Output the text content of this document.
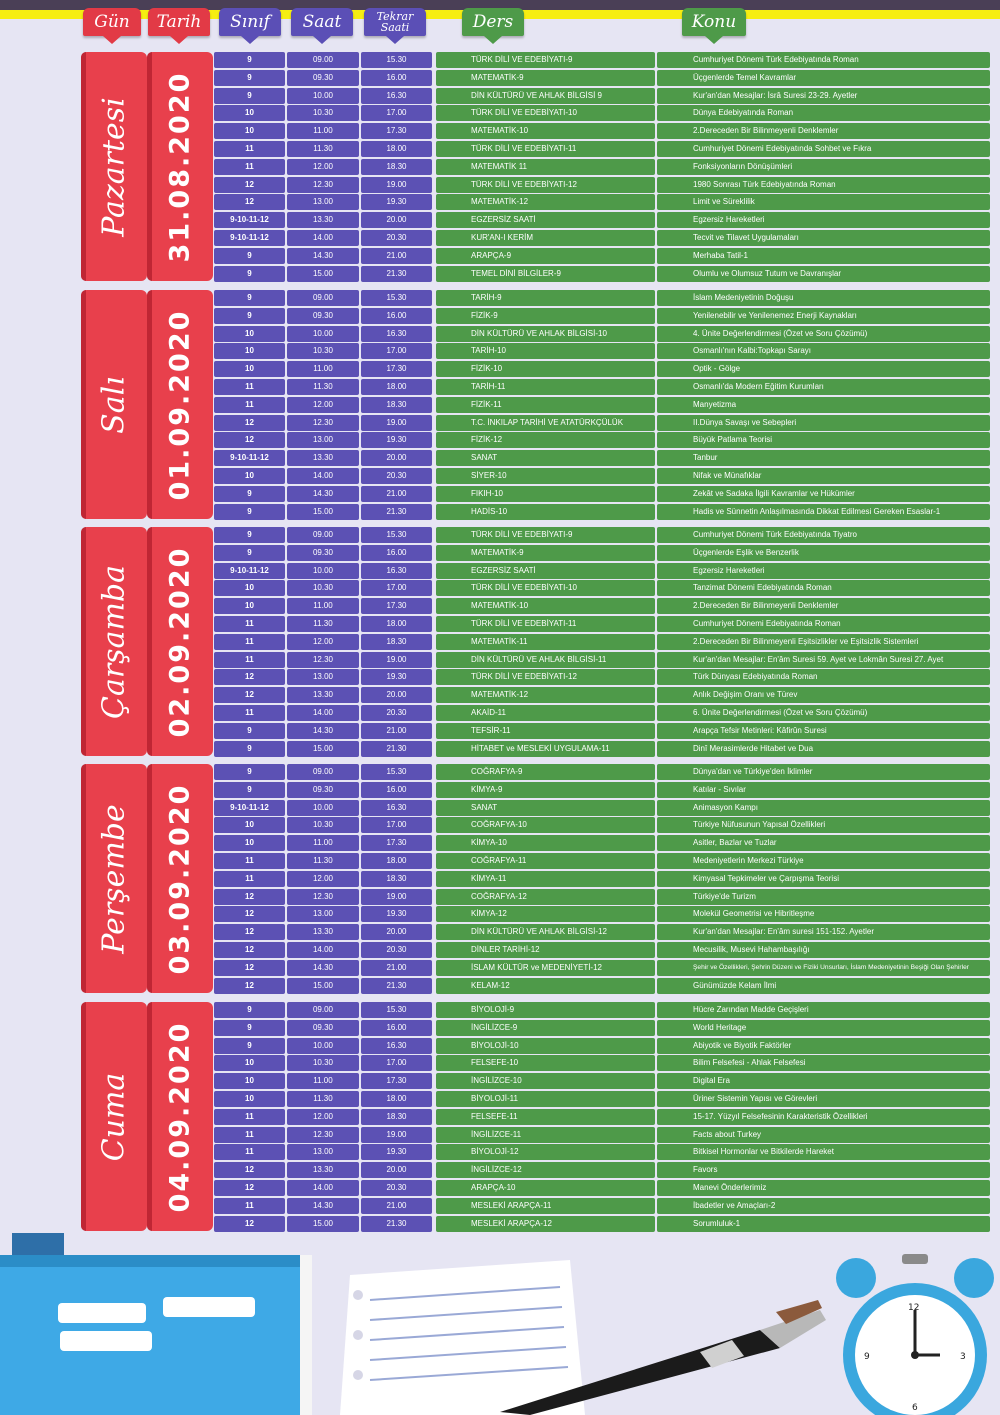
Gün Tarih Sınıf Saat	Tekrar
Saati	Ders	Konu
Pazartesi 31.08.2020
9	09.00	15.30	TÜRK DİLİ VE EDEBİYATI-9	Cumhuriyet Dönemi Türk Edebiyatında Roman
9	09.30	16.00	MATEMATİK-9	Üçgenlerde Temel Kavramlar
9	10.00	16.30	DİN KÜLTÜRÜ VE AHLAK BİLGİSİ 9	Kur'an'dan Mesajlar: İsrâ Suresi 23-29. Ayetler
10	10.30	17.00	TÜRK DİLİ VE EDEBİYATI-10	Dünya Edebiyatında Roman
10	11.00	17.30	MATEMATİK-10	2.Dereceden Bir Bilinmeyenli Denklemler
11	11.30	18.00	TÜRK DİLİ VE EDEBİYATI-11	Cumhuriyet Dönemi Edebiyatında Sohbet ve Fıkra
11	12.00	18.30	MATEMATİK 11	Fonksiyonların Dönüşümleri
12	12.30	19.00	TÜRK DİLİ VE EDEBİYATI-12	1980 Sonrası Türk Edebiyatında Roman
12	13.00	19.30	MATEMATİK-12	Limit ve Süreklilik
9-10-11-12	13.30	20.00	EGZERSİZ SAATİ	Egzersiz Hareketleri
9-10-11-12	14.00	20.30	KUR'AN-I KERİM	Tecvit ve Tilavet Uygulamaları
9	14.30	21.00	ARAPÇA-9	Merhaba Tatil-1
9	15.00	21.30	TEMEL DİNİ BİLGİLER-9	Olumlu ve Olumsuz Tutum ve Davranışlar
Salı 01.09.2020
9	09.00	15.30	TARİH-9	İslam Medeniyetinin Doğuşu
9	09.30	16.00	FİZİK-9	Yenilenebilir ve Yenilenemez Enerji Kaynakları
10	10.00	16.30	DİN KÜLTÜRÜ VE AHLAK BİLGİSİ-10	4. Ünite Değerlendirmesi (Özet ve Soru Çözümü)
10	10.30	17.00	TARİH-10	Osmanlı'nın Kalbi:Topkapı Sarayı
10	11.00	17.30	FİZİK-10	Optik - Gölge
11	11.30	18.00	TARİH-11	Osmanlı'da Modern Eğitim Kurumları
11	12.00	18.30	FİZİK-11	Manyetizma
12	12.30	19.00	T.C. İNKILAP TARİHİ VE ATATÜRKÇÜLÜK	II.Dünya Savaşı ve Sebepleri
12	13.00	19.30	FİZİK-12	Büyük Patlama Teorisi
9-10-11-12	13.30	20.00	SANAT	Tanbur
10	14.00	20.30	SİYER-10	Nifak ve Münafıklar
9	14.30	21.00	FIKIH-10	Zekât ve Sadaka İlgili Kavramlar ve Hükümler
9	15.00	21.30	HADİS-10	Hadis ve Sünnetin Anlaşılmasında Dikkat Edilmesi Gereken Esaslar-1
Çarşamba 02.09.2020
9	09.00	15.30	TÜRK DİLİ VE EDEBİYATI-9	Cumhuriyet Dönemi Türk Edebiyatında Tiyatro
9	09.30	16.00	MATEMATİK-9	Üçgenlerde Eşlik ve Benzerlik
9-10-11-12	10.00	16.30	EGZERSİZ SAATİ	Egzersiz Hareketleri
10	10.30	17.00	TÜRK DİLİ VE EDEBİYATI-10	Tanzimat Dönemi Edebiyatında Roman
10	11.00	17.30	MATEMATİK-10	2.Dereceden Bir Bilinmeyenli Denklemler
11	11.30	18.00	TÜRK DİLİ VE EDEBİYATI-11	Cumhuriyet Dönemi Edebiyatında Roman
11	12.00	18.30	MATEMATİK-11	2.Dereceden Bir Bilinmeyenli Eşitsizlikler ve Eşitsizlik Sistemleri
11	12.30	19.00	DİN KÜLTÜRÜ VE AHLAK BİLGİSİ-11	Kur'an'dan Mesajlar: En'âm Suresi 59. Ayet ve Lokmân Suresi 27. Ayet
12	13.00	19.30	TÜRK DİLİ VE EDEBİYATI-12	Türk Dünyası Edebiyatında Roman
12	13.30	20.00	MATEMATİK-12	Anlık Değişim Oranı ve Türev
11	14.00	20.30	AKAİD-11	6. Ünite Değerlendirmesi (Özet ve Soru Çözümü)
9	14.30	21.00	TEFSİR-11	Arapça Tefsir Metinleri: Kâfirûn Suresi
9	15.00	21.30	HİTABET ve MESLEKİ UYGULAMA-11	Dinî Merasimlerde Hitabet ve Dua
Perşembe 03.09.2020
9	09.00	15.30	COĞRAFYA-9	Dünya'dan ve Türkiye'den İklimler
9	09.30	16.00	KİMYA-9	Katılar - Sıvılar
9-10-11-12	10.00	16.30	SANAT	Animasyon Kampı
10	10.30	17.00	COĞRAFYA-10	Türkiye Nüfusunun Yapısal Özellikleri
10	11.00	17.30	KİMYA-10	Asitler, Bazlar ve Tuzlar
11	11.30	18.00	COĞRAFYA-11	Medeniyetlerin Merkezi Türkiye
11	12.00	18.30	KİMYA-11	Kimyasal Tepkimeler ve Çarpışma Teorisi
12	12.30	19.00	COĞRAFYA-12	Türkiye'de Turizm
12	13.00	19.30	KİMYA-12	Molekül Geometrisi ve Hibritleşme
12	13.30	20.00	DİN KÜLTÜRÜ VE AHLAK BİLGİSİ-12	Kur'an'dan Mesajlar: En'âm suresi 151-152. Ayetler
12	14.00	20.30	DİNLER TARİHİ-12	Mecusilik, Musevi Hahambaşılığı
12	14.30	21.00	İSLAM KÜLTÜR ve MEDENİYETİ-12	Şehir ve Özellikleri, Şehrin Düzeni ve Fiziki Unsurları, İslam Medeniyetinin Beşiği Olan Şehirler
12	15.00	21.30	KELAM-12	Günümüzde Kelam İlmi
Cuma 04.09.2020
9	09.00	15.30	BİYOLOJİ-9	Hücre Zarından Madde Geçişleri
9	09.30	16.00	İNGİLİZCE-9	World Heritage
9	10.00	16.30	BİYOLOJİ-10	Abiyotik ve Biyotik Faktörler
10	10.30	17.00	FELSEFE-10	Bilim Felsefesi - Ahlak Felsefesi
10	11.00	17.30	İNGİLİZCE-10	Digital Era
10	11.30	18.00	BİYOLOJİ-11	Üriner Sistemin Yapısı ve Görevleri
11	12.00	18.30	FELSEFE-11	15-17. Yüzyıl Felsefesinin Karakteristik Özellikleri
11	12.30	19.00	İNGİLİZCE-11	Facts about Turkey
11	13.00	19.30	BİYOLOJİ-12	Bitkisel Hormonlar ve Bitkilerde Hareket
12	13.30	20.00	İNGİLİZCE-12	Favors
12	14.00	20.30	ARAPÇA-10	Manevi Önderlerimiz
11	14.30	21.00	MESLEKİ ARAPÇA-11	İbadetler ve Amaçları-2
12	15.00	21.30	MESLEKİ ARAPÇA-12	Sorumluluk-1
12
3
6
9
